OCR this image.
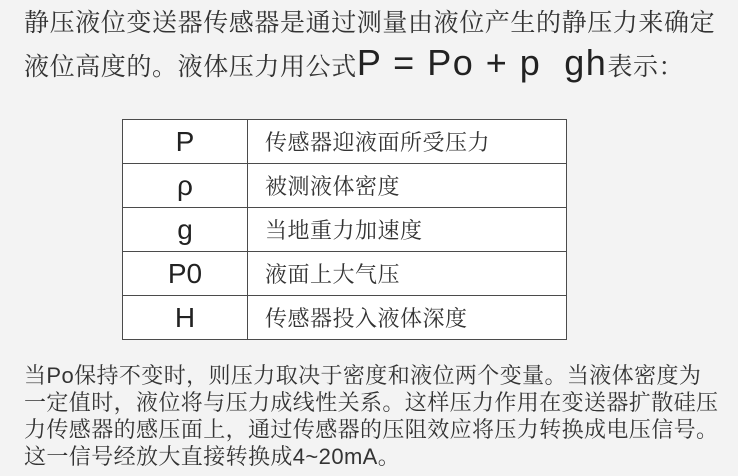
静压液位变送器传感器是通过测量由液位产生的静压力来确定
液位高度的。液体压力用公式 P = Po + p  gh 表示：
P	传感器迎液面所受压力
ρ	被测液体密度
g	当地重力加速度
P0	液面上大气压
H	传感器投入液体深度
当Po保持不变时，则压力取决于密度和液位两个变量。当液体密度为
一定值时，液位将与压力成线性关系。这样压力作用在变送器扩散硅压
力传感器的感压面上，通过传感器的压阻效应将压力转换成电压信号。
这一信号经放大直接转换成4~20mA。
